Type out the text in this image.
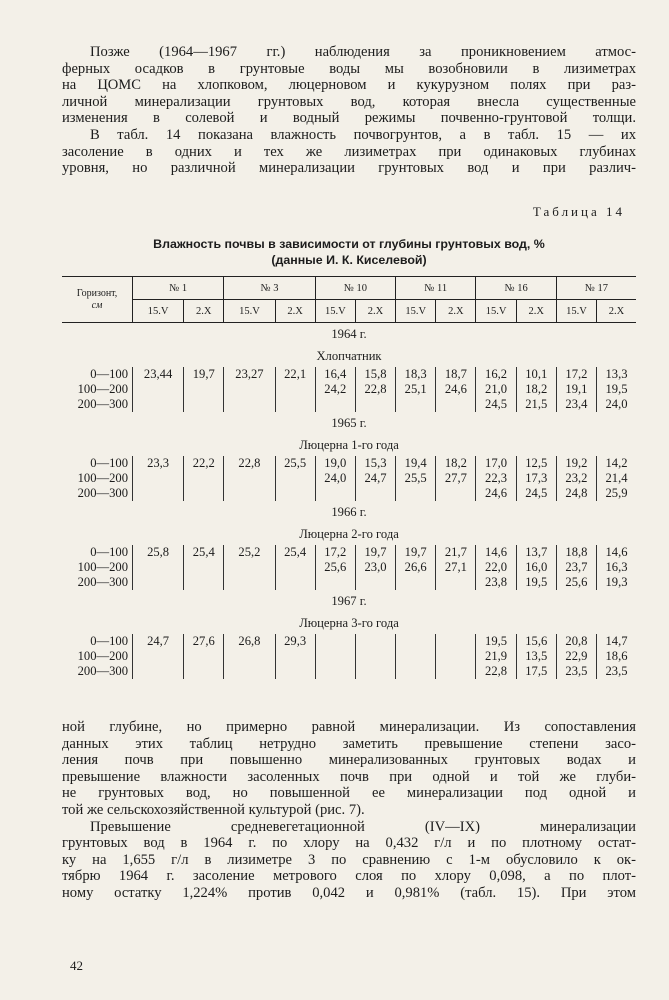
Позже (1964—1967 гг.) наблюдения за проникновением атмос-
ферных осадков в грунтовые воды мы возобновили в лизиметрах
на ЦОМС на хлопковом, люцерновом и кукурузном полях при раз-
личной минерализации грунтовых вод, которая внесла существенные
изменения в солевой и водный режимы почвенно-грунтовой толщи.
В табл. 14 показана влажность почвогрунтов, а в табл. 15 — их
засоление в одних и тех же лизиметрах при одинаковых глубинах
уровня, но различной минерализации грунтовых вод и при различ-
Таблица 14
Влажность почвы в зависимости от глубины грунтовых вод, %
(данные И. К. Киселевой)
Горизонт,
см	№ 1		№ 3		№ 10		№ 11		№ 16		№ 17	
	15.V	2.X	15.V	2.X	15.V	2.X	15.V	2.X	15.V	2.X	15.V	2.X
1964 г.												
Хлопчатник												
0—100	23,44	19,7	23,27	22,1	16,4	15,8	18,3	18,7	16,2	10,1	17,2	13,3
100—200					24,2	22,8	25,1	24,6	21,0	18,2	19,1	19,5
200—300									24,5	21,5	23,4	24,0
1965 г.												
Люцерна 1-го года												
0—100	23,3	22,2	22,8	25,5	19,0	15,3	19,4	18,2	17,0	12,5	19,2	14,2
100—200					24,0	24,7	25,5	27,7	22,3	17,3	23,2	21,4
200—300									24,6	24,5	24,8	25,9
1966 г.												
Люцерна 2-го года												
0—100	25,8	25,4	25,2	25,4	17,2	19,7	19,7	21,7	14,6	13,7	18,8	14,6
100—200					25,6	23,0	26,6	27,1	22,0	16,0	23,7	16,3
200—300									23,8	19,5	25,6	19,3
1967 г.												
Люцерна 3-го года												
0—100	24,7	27,6	26,8	29,3					19,5	15,6	20,8	14,7
100—200									21,9	13,5	22,9	18,6
200—300									22,8	17,5	23,5	23,5
ной глубине, но примерно равной минерализации. Из сопоставления
данных этих таблиц нетрудно заметить превышение степени засо-
ления почв при повышенно минерализованных грунтовых водах и
превышение влажности засоленных почв при одной и той же глуби-
не грунтовых вод, но повышенной ее минерализации под одной и
той же сельскохозяйственной культурой (рис. 7).
Превышение средневегетационной (IV—IX) минерализации
грунтовых вод в 1964 г. по хлору на 0,432 г/л и по плотному остат-
ку на 1,655 г/л в лизиметре 3 по сравнению с 1-м обусловило к ок-
тябрю 1964 г. засоление метрового слоя по хлору 0,098, а по плот-
ному остатку 1,224% против 0,042 и 0,981% (табл. 15). При этом
42
